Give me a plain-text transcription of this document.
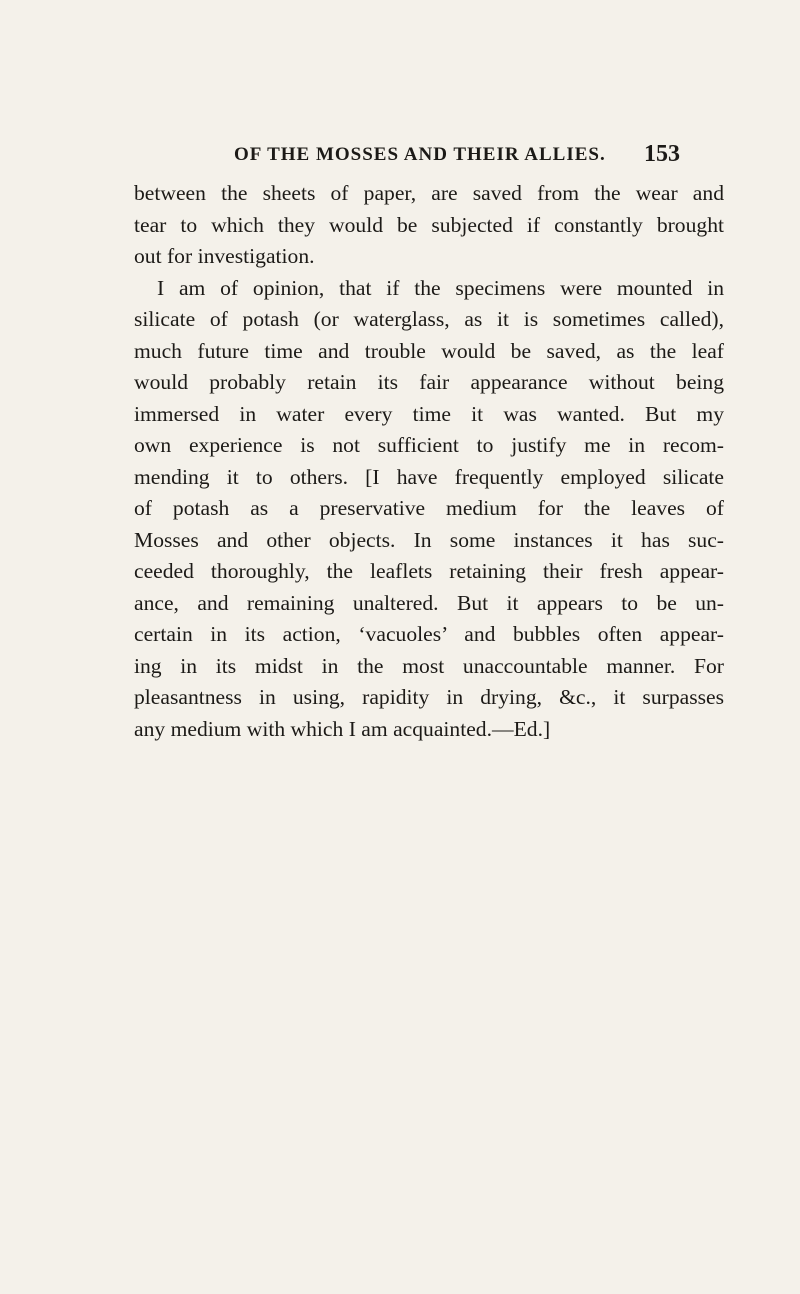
OF THE MOSSES AND THEIR ALLIES. 153
between the sheets of paper, are saved from the wear and
tear to which they would be subjected if constantly brought
out for investigation.
I am of opinion, that if the specimens were mounted in
silicate of potash (or waterglass, as it is sometimes called),
much future time and trouble would be saved, as the leaf
would probably retain its fair appearance without being
immersed in water every time it was wanted. But my
own experience is not sufficient to justify me in recom-
mending it to others. [I have frequently employed silicate
of potash as a preservative medium for the leaves of
Mosses and other objects. In some instances it has suc-
ceeded thoroughly, the leaflets retaining their fresh appear-
ance, and remaining unaltered. But it appears to be un-
certain in its action, ‘vacuoles’ and bubbles often appear-
ing in its midst in the most unaccountable manner. For
pleasantness in using, rapidity in drying, &c., it surpasses
any medium with which I am acquainted.—Ed.]
